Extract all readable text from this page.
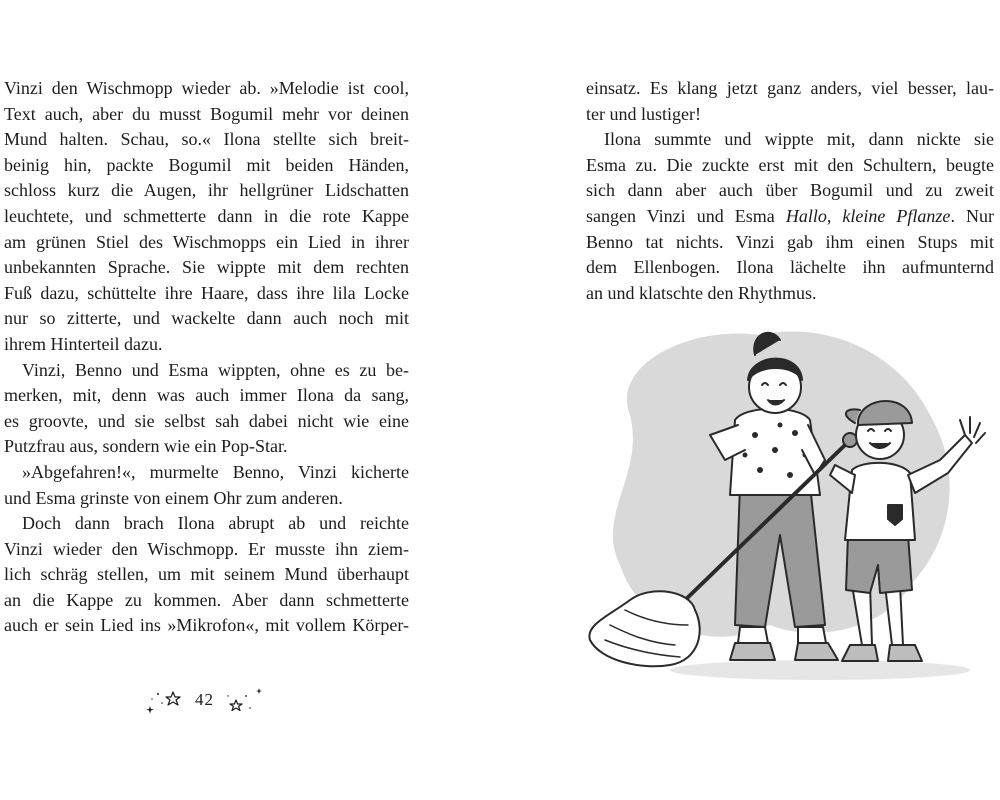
Vinzi den Wischmopp wieder ab. »Melodie ist cool,
Text auch, aber du musst Bogumil mehr vor deinen
Mund halten. Schau, so.« Ilona stellte sich breit-
beinig hin, packte Bogumil mit beiden Händen,
schloss kurz die Augen, ihr hellgrüner Lidschatten
leuchtete, und schmetterte dann in die rote Kappe
am grünen Stiel des Wischmopps ein Lied in ihrer
unbekannten Sprache. Sie wippte mit dem rechten
Fuß dazu, schüttelte ihre Haare, dass ihre lila Locke
nur so zitterte, und wackelte dann auch noch mit
ihrem Hinterteil dazu.
Vinzi, Benno und Esma wippten, ohne es zu be-
merken, mit, denn was auch immer Ilona da sang,
es groovte, und sie selbst sah dabei nicht wie eine
Putzfrau aus, sondern wie ein Pop-Star.
»Abgefahren!«, murmelte Benno, Vinzi kicherte
und Esma grinste von einem Ohr zum anderen.
Doch dann brach Ilona abrupt ab und reichte
Vinzi wieder den Wischmopp. Er musste ihn ziem-
lich schräg stellen, um mit seinem Mund überhaupt
an die Kappe zu kommen. Aber dann schmetterte
auch er sein Lied ins »Mikrofon«, mit vollem Körper-
42
einsatz. Es klang jetzt ganz anders, viel besser, lau-
ter und lustiger!
Ilona summte und wippte mit, dann nickte sie
Esma zu. Die zuckte erst mit den Schultern, beugte
sich dann aber auch über Bogumil und zu zweit
sangen Vinzi und Esma Hallo, kleine Pflanze. Nur
Benno tat nichts. Vinzi gab ihm einen Stups mit
dem Ellenbogen. Ilona lächelte ihn aufmunternd
an und klatschte den Rhythmus.
